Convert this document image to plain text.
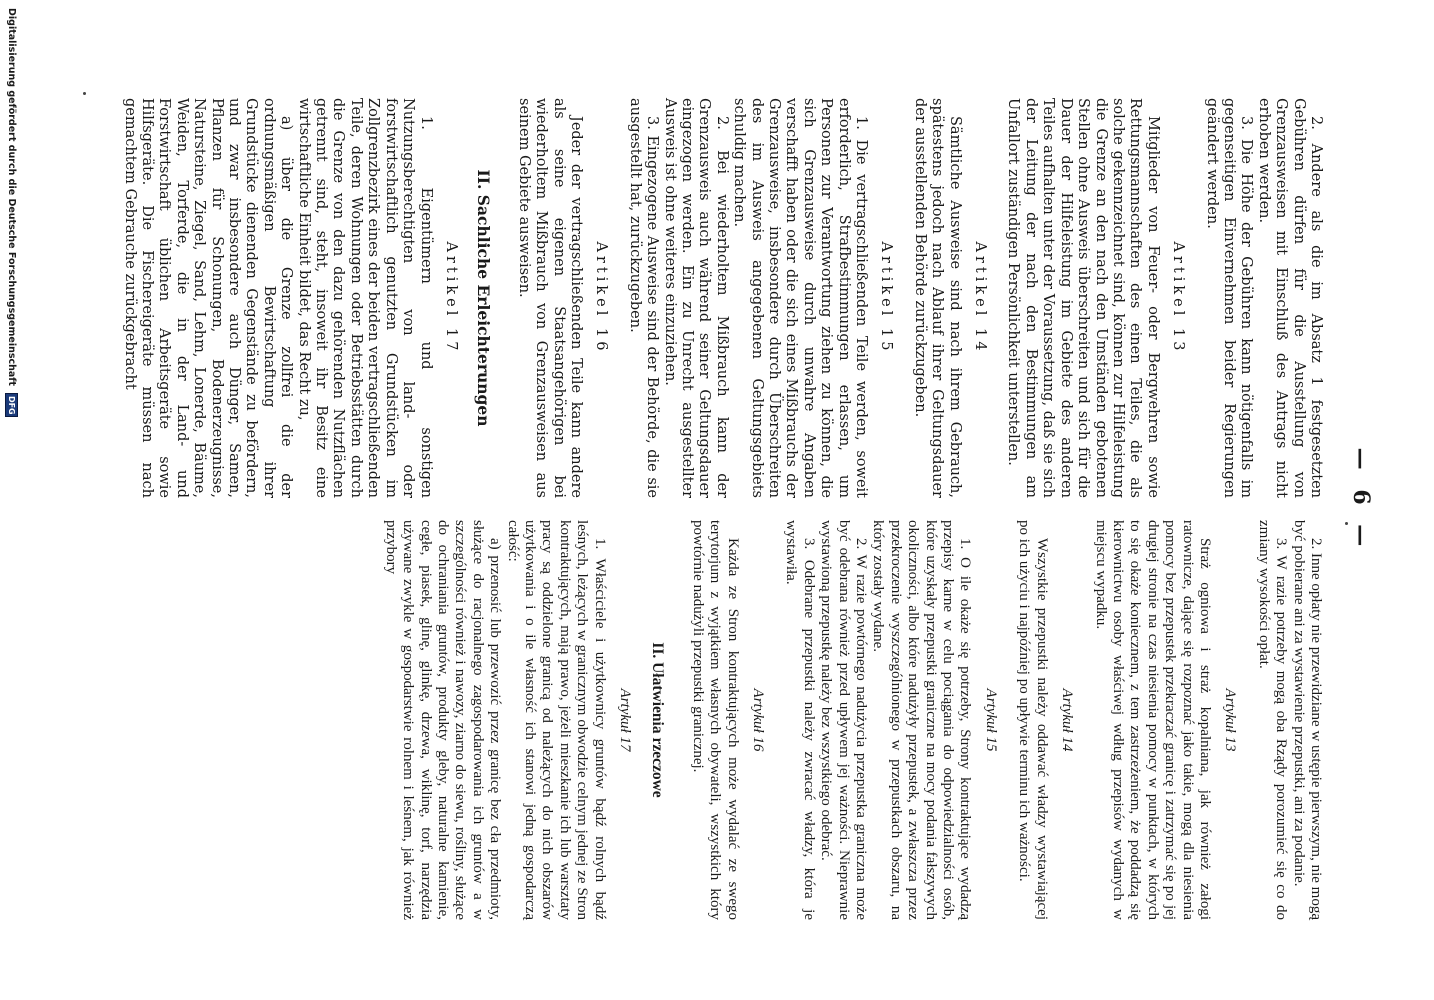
— 6 —

2. Andere als die im Absatz 1 festgesetzten Gebühren dürfen für die Ausstellung von Grenzausweisen mit Einschluß des Antrags nicht erhoben werden.

3. Die Höhe der Gebühren kann nötigenfalls im gegenseitigen Einvernehmen beider Regierungen geändert werden.

Artikel 13

Mitglieder von Feuer- oder Bergwehren sowie Rettungsmannschaften des einen Teiles, die als solche gekennzeichnet sind, können zur Hilfeleistung die Grenze an den nach den Umständen gebotenen Stellen ohne Ausweis überschreiten und sich für die Dauer der Hilfeleistung im Gebiete des anderen Teiles aufhalten unter der Voraussetzung, daß sie sich der Leitung der nach den Bestimmungen am Unfallort zuständigen Persönlichkeit unterstellen.

Artikel 14

Sämtliche Ausweise sind nach ihrem Gebrauch, spätestens jedoch nach Ablauf ihrer Geltungsdauer der ausstellenden Behörde zurückzugeben.

Artikel 15

1. Die vertragschließenden Teile werden, soweit erforderlich, Strafbestimmungen erlassen, um Personen zur Verantwortung ziehen zu können, die sich Grenzausweise durch unwahre Angaben verschafft haben oder die sich eines Mißbrauchs der Grenzausweise, insbesondere durch Überschreiten des im Ausweis angegebenen Geltungsgebiets schuldig machen.

2. Bei wiederholtem Mißbrauch kann der Grenzausweis auch während seiner Geltungsdauer eingezogen werden. Ein zu Unrecht ausgestellter Ausweis ist ohne weiteres einzuziehen.

3. Eingezogene Ausweise sind der Behörde, die sie ausgestellt hat, zurückzugeben.

Artikel 16

Jeder der vertragschließenden Teile kann andere als seine eigenen Staatsangehörigen bei wiederholtem Mißbrauch von Grenzausweisen aus seinem Gebiete ausweisen.

II. Sachliche Erleichterungen
Artikel 17

1. Eigentümern und sonstigen Nutzungsberechtigten von land- oder forstwirtschaftlich genutzten Grundstücken im Zollgrenzbezirk eines der beiden vertragschließenden Teile, deren Wohnungen oder Betriebsstätten durch die Grenze von den dazu gehörenden Nutzflächen getrennt sind, steht, insoweit ihr Besitz eine wirtschaftliche Einheit bildet, das Recht zu,

a) über die Grenze zollfrei die der ordnungsmäßigen Bewirtschaftung ihrer Grundstücke dienenden Gegenstände zu befördern, und zwar insbesondere auch Dünger, Samen, Pflanzen für Schonungen, Bodenerzeugnisse, Natursteine, Ziegel, Sand, Lehm, Lonerde, Bäume, Weiden, Torferde, die in der Land- und Forstwirtschaft üblichen Arbeitsgeräte sowie Hilfsgeräte. Die Fischereigeräte müssen nach gemachtem Gebrauche zurückgebracht

2. Inne opłaty nie przewidziane w ustępie pierwszym, nie mogą być pobierane ani za wystawienie przepustki, ani za podanie.

3. W razie potrzeby mogą oba Rządy porozumieć się co do zmiany wysokości opłat.

Artykuł 13

Straż ogniowa i straż kopalniana, jak również załogi ratownicze, dające się rozpoznać jako takie, mogą dla niesienia pomocy bez przepustek przekraczać granicę i zatrzymać się po jej drugiej stronie na czas niesienia pomocy w punktach, w których to się okaże koniecznem, z tem zastrzeżeniem, że poddadzą się kierownictwu osoby właściwej wdług przepisów wydanych w miejscu wypadku.

Artykuł 14

Wszystkie przepustki należy oddawać władzy wystawiającej po ich użyciu i najpóźniej po upływie terminu ich ważności.

Artykuł 15

1. O ile okaże się potrzeby, Strony kontraktujące wydadzą przepisy karne w celu pociągania do odpowiedzialności osób, które uzyskały przepustki graniczne na mocy podania fałszywych okoliczności, albo które nadużyły przepustek, a zwłaszcza przez przekroczenie wyszczególnionego w przepustkach obszaru, na który zostały wydane.

2. W razie powtórnego nadużycia przepustka graniczna może być odebrana również przed upływem jej ważności. Nieprawnie wystawioną przepustkę należy bez wszystkiego odebrać.

3. Odebrane przepustki należy zwracać władzy, która je wystawiła.

Artykuł 16

Każda ze Stron kontraktujących może wydalać ze swego terytorjum z wyjątkiem własnych obywateli, wszystkich który powtórnie nadużyli przepustki granicznej.

II. Ułatwienia rzeczowe
Artykuł 17

1. Właściciele i użytkownicy gruntów bądź rolnych bądź leśnych, leżących w granicznym obwodzie celnym jednej ze Stron kontraktujących, mają prawo, jeżeli mieszkanie ich lub warsztaty pracy są oddzielone granicą od należących do nich obszarów użytkowania i o ile własność ich stanowi jedną gospodarczą całość:

a) przenosić lub przewozić przez granicę bez cła przedmioty, służące do racjonalnego zagospodarowania ich gruntów a w szczególności również i nawozy, ziarno do siewu, rośliny, służące do ochraniania gruntów, produkty gleby, naturalne kamienie, cegłe, piasek, glinę, glinkę, drzewa, wiklinę, torf, narzędzia używane zwykle w gospodarstwie rolnem i leśnem, jak również przybory

Digitalisierung gefördert durch die Deutsche Forschungsgemeinschaft DFG
